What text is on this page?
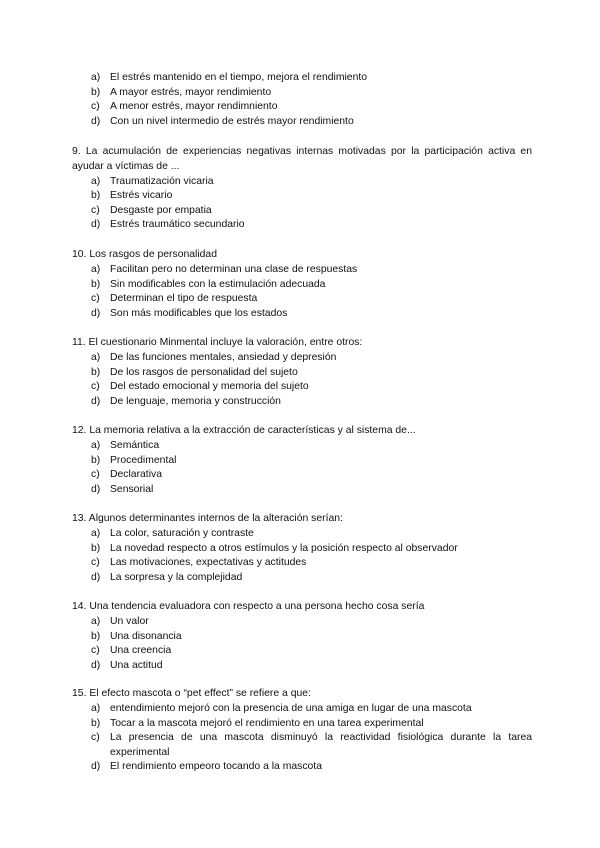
a) El estrés mantenido en el tiempo, mejora el rendimiento
b) A mayor estrés, mayor rendimiento
c) A menor estrés, mayor rendimniento
d) Con un nivel intermedio de estrés mayor rendimiento
9. La acumulación de experiencias negativas internas motivadas por la participación activa en ayudar a víctimas de ...
a) Traumatización vicaria
b) Estrés vicario
c) Desgaste por empatia
d) Estrés traumático secundario
10. Los rasgos de personalidad
a) Facilitan pero no determinan una clase de respuestas
b) Sin modificables con la estimulación adecuada
c) Determinan el tipo de respuesta
d) Son más modificables que los estados
11. El cuestionario Minmental incluye la valoración, entre otros:
a) De las funciones mentales, ansiedad y depresión
b) De los rasgos de personalidad del sujeto
c) Del estado emocional y memoria del sujeto
d) De lenguaje, memoria y construcción
12. La memoria relativa a la extracción de características y al sistema de...
a) Semántica
b) Procedimental
c) Declarativa
d) Sensorial
13. Algunos determinantes internos de la alteración serían:
a) La color, saturación y contraste
b) La novedad respecto a otros estímulos y la posición respecto al observador
c) Las motivaciones, expectativas y actitudes
d) La sorpresa y la complejidad
14. Una tendencia evaluadora con respecto a una persona hecho cosa sería
a) Un valor
b) Una disonancia
c) Una creencia
d) Una actitud
15. El efecto mascota o “pet effect” se refiere a que:
a) entendimiento mejoró con la presencia de una amiga en lugar de una mascota
b) Tocar a la mascota mejoró el rendimiento en una tarea experimental
c) La presencia de una mascota disminuyó la reactividad fisiológica durante la tarea experimental
d) El rendimiento empeoro tocando a la mascota
